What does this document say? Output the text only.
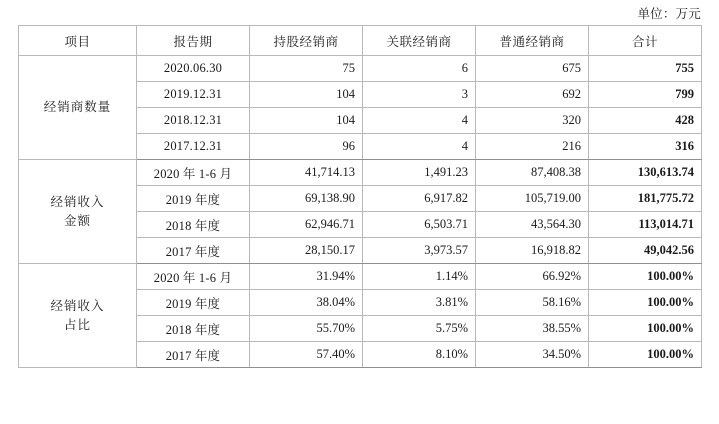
单位：万元
项目	报告期	持股经销商	关联经销商	普通经销商	合计
经销商数量	2020.06.30	75	6	675	755
	2019.12.31	104	3	692	799
	2018.12.31	104	4	320	428
	2017.12.31	96	4	216	316

经销收入
金额	2020 年 1-6 月	41,714.13	1,491.23	87,408.38	130,613.74
	2019 年度	69,138.90	6,917.82	105,719.00	181,775.72
	2018 年度	62,946.71	6,503.71	43,564.30	113,014.71
	2017 年度	28,150.17	3,973.57	16,918.82	49,042.56

经销收入
占比	2020 年 1-6 月	31.94%	1.14%	66.92%	100.00%
	2019 年度	38.04%	3.81%	58.16%	100.00%
	2018 年度	55.70%	5.75%	38.55%	100.00%
	2017 年度	57.40%	8.10%	34.50%	100.00%
